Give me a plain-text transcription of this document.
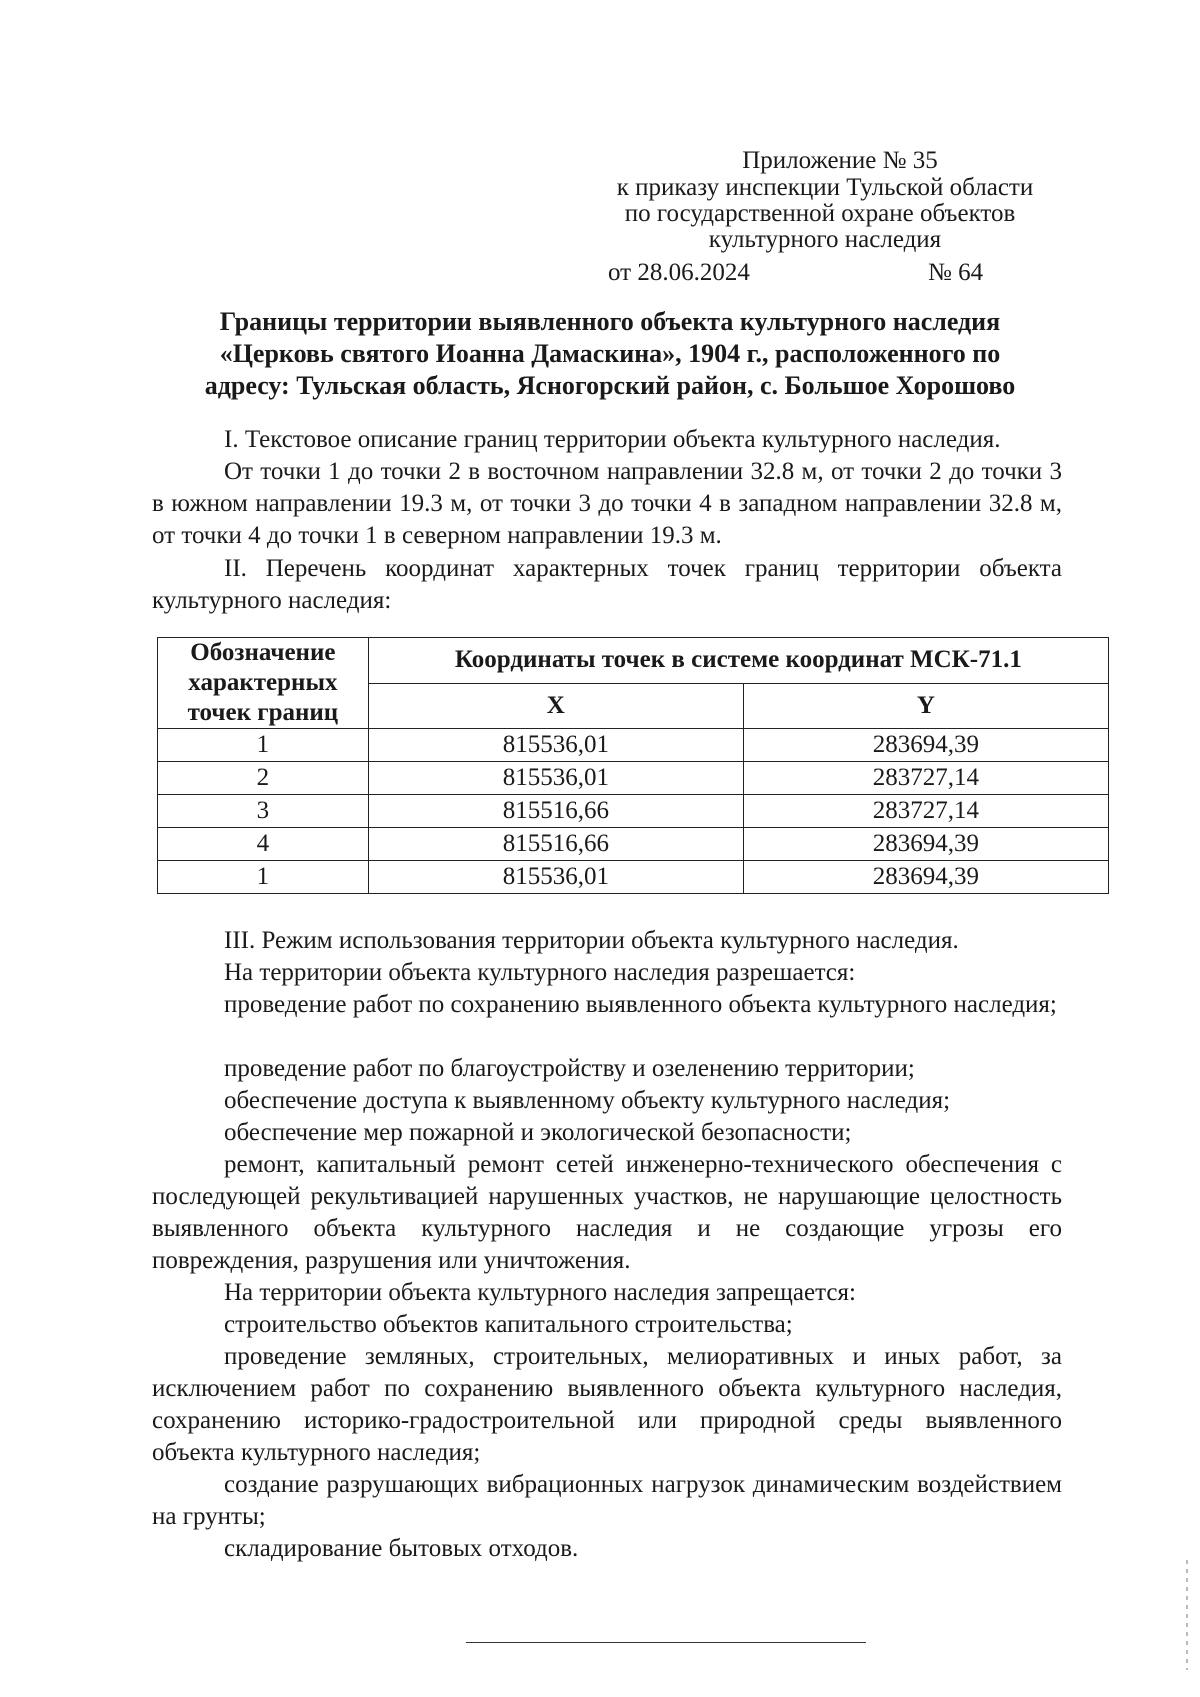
Приложение № 35
к приказу инспекции Тульской области
по государственной охране объектов
культурного наследия
от 28.06.2024	№ 64
Границы территории выявленного объекта культурного наследия
«Церковь святого Иоанна Дамаскина», 1904 г., расположенного по
адресу: Тульская область, Ясногорский район, с. Большое Хорошово
I. Текстовое описание границ территории объекта культурного наследия.
От точки 1 до точки 2 в восточном направлении 32.8 м, от точки 2 до точки 3 в южном направлении 19.3 м, от точки 3 до точки 4 в западном направлении 32.8 м, от точки 4 до точки 1 в северном направлении 19.3 м.
II. Перечень координат характерных точек границ территории объекта культурного наследия:
Обозначение характерных точек границ	Координаты точек в системе координат МСК-71.1	
	X	Y
1	815536,01	283694,39
2	815536,01	283727,14
3	815516,66	283727,14
4	815516,66	283694,39
1	815536,01	283694,39
III. Режим использования территории объекта культурного наследия.
На территории объекта культурного наследия разрешается:
проведение работ по сохранению выявленного объекта культурного наследия;
проведение работ по благоустройству и озеленению территории;
обеспечение доступа к выявленному объекту культурного наследия;
обеспечение мер пожарной и экологической безопасности;
ремонт, капитальный ремонт сетей инженерно-технического обеспечения с последующей рекультивацией нарушенных участков, не нарушающие целостность выявленного объекта культурного наследия и не создающие угрозы его повреждения, разрушения или уничтожения.
На территории объекта культурного наследия запрещается:
строительство объектов капитального строительства;
проведение земляных, строительных, мелиоративных и иных работ, за исключением работ по сохранению выявленного объекта культурного наследия, сохранению историко-градостроительной или природной среды выявленного объекта культурного наследия;
создание разрушающих вибрационных нагрузок динамическим воздействием на грунты;
складирование бытовых отходов.
